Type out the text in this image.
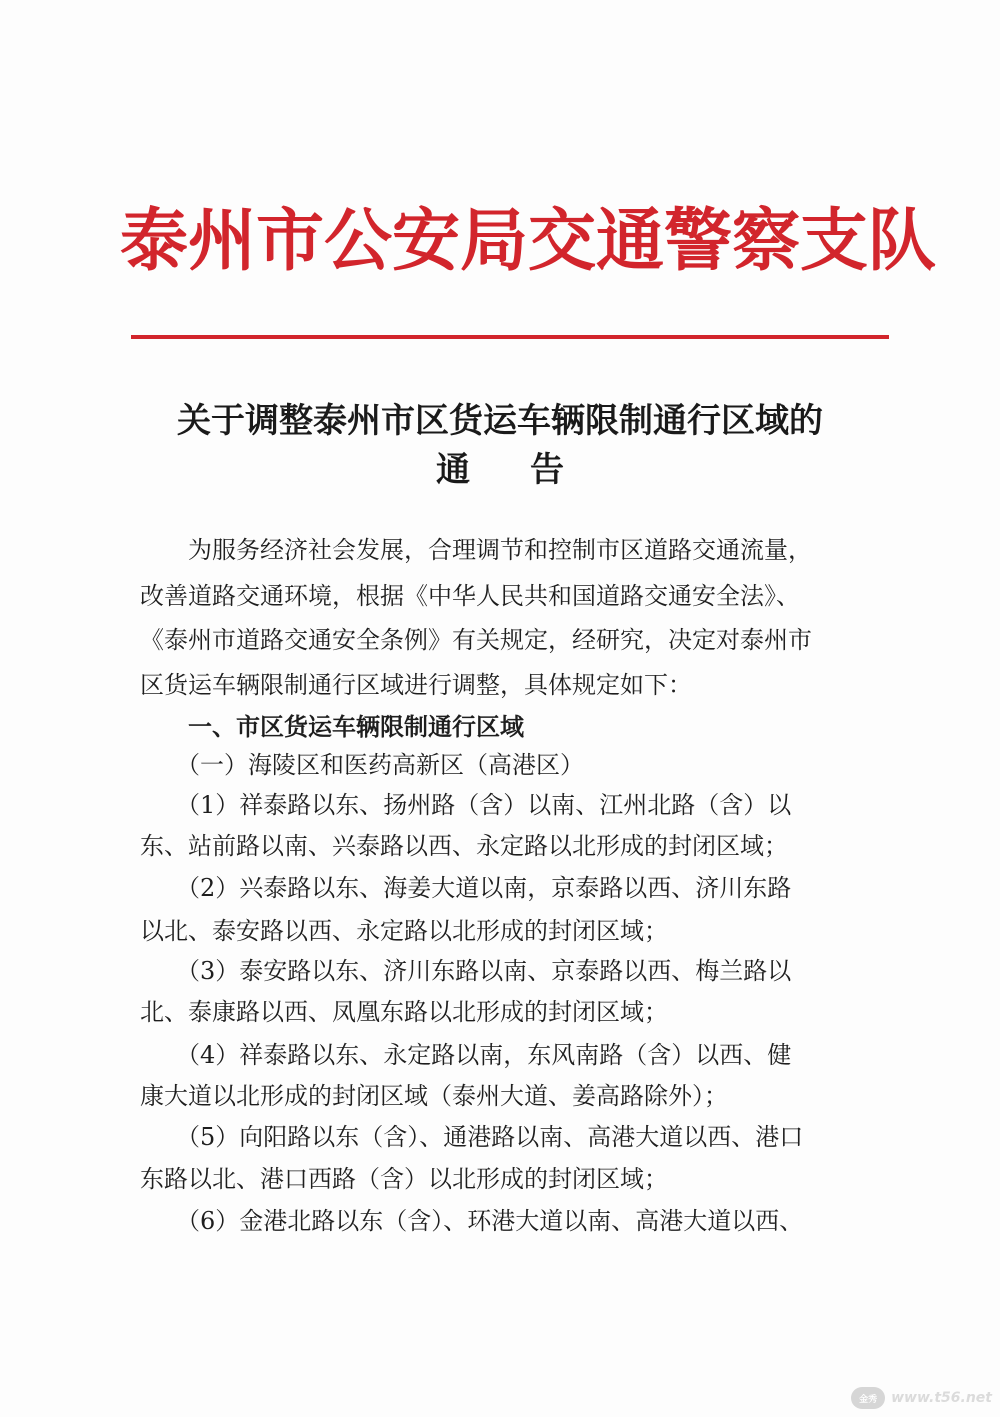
泰州市公安局交通警察支队
关于调整泰州市区货运车辆限制通行区域的
通 告
　　为服务经济社会发展，合理调节和控制市区道路交通流量，
改善道路交通环境，根据《中华人民共和国道路交通安全法》、
《泰州市道路交通安全条例》有关规定，经研究，决定对泰州市
区货运车辆限制通行区域进行调整，具体规定如下：
　　一、市区货运车辆限制通行区域
　　（一）海陵区和医药高新区（高港区）
　　（1）祥泰路以东、扬州路（含）以南、江州北路（含）以
东、站前路以南、兴泰路以西、永定路以北形成的封闭区域；
　　（2）兴泰路以东、海姜大道以南，京泰路以西、济川东路
以北、泰安路以西、永定路以北形成的封闭区域；
　　（3）泰安路以东、济川东路以南、京泰路以西、梅兰路以
北、泰康路以西、凤凰东路以北形成的封闭区域；
　　（4）祥泰路以东、永定路以南，东风南路（含）以西、健
康大道以北形成的封闭区域（泰州大道、姜高路除外）；
　　（5）向阳路以东（含）、通港路以南、高港大道以西、港口
东路以北、港口西路（含）以北形成的封闭区域；
　　（6）金港北路以东（含）、环港大道以南、高港大道以西、
金秀	www.t56.net
